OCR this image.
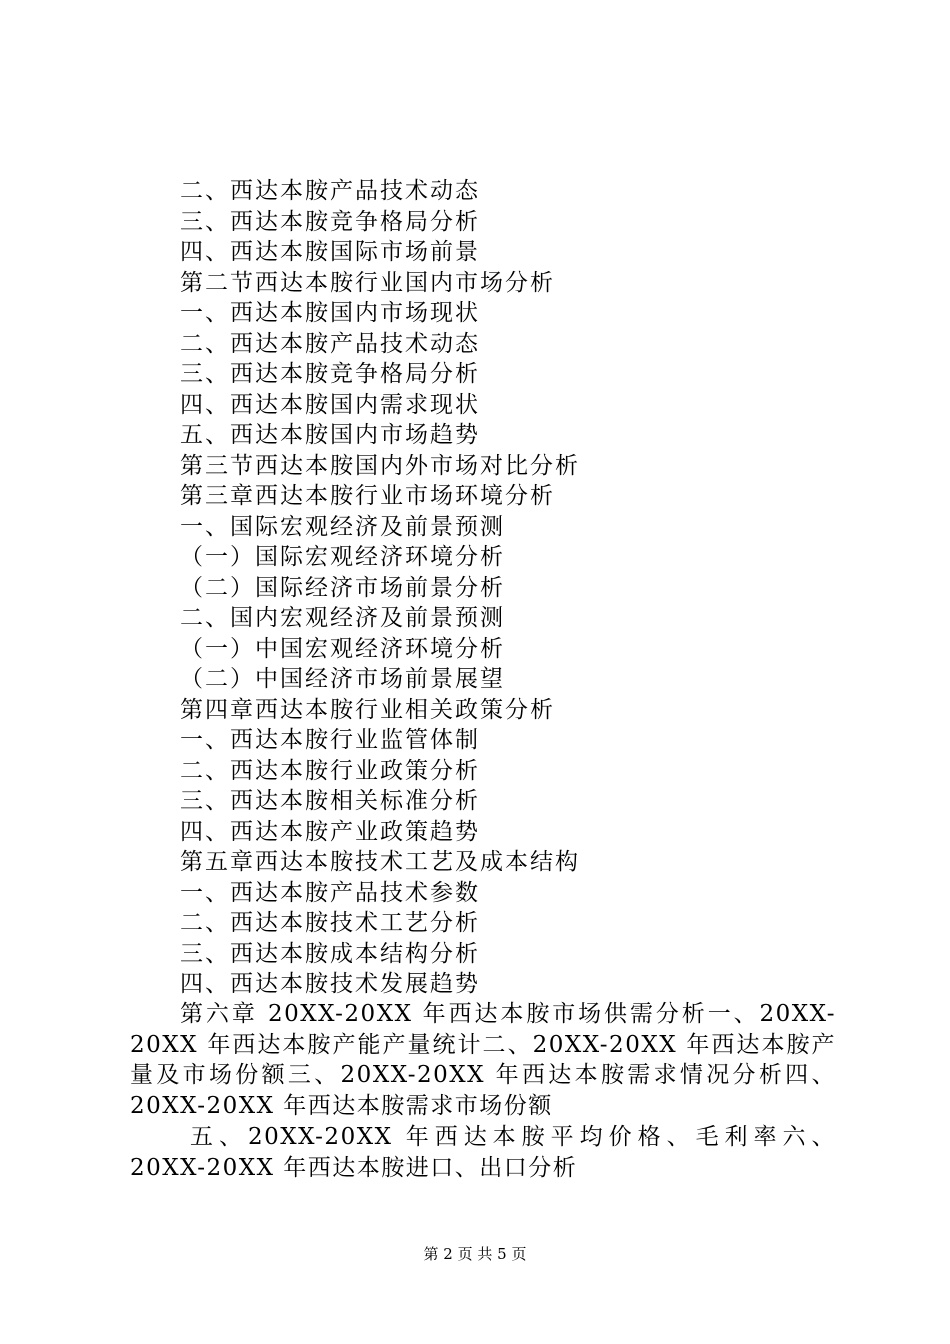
二、西达本胺产品技术动态
三、西达本胺竞争格局分析
四、西达本胺国际市场前景
第二节西达本胺行业国内市场分析
一、西达本胺国内市场现状
二、西达本胺产品技术动态
三、西达本胺竞争格局分析
四、西达本胺国内需求现状
五、西达本胺国内市场趋势
第三节西达本胺国内外市场对比分析
第三章西达本胺行业市场环境分析
一、国际宏观经济及前景预测
（一）国际宏观经济环境分析
（二）国际经济市场前景分析
二、国内宏观经济及前景预测
（一）中国宏观经济环境分析
（二）中国经济市场前景展望
第四章西达本胺行业相关政策分析
一、西达本胺行业监管体制
二、西达本胺行业政策分析
三、西达本胺相关标准分析
四、西达本胺产业政策趋势
第五章西达本胺技术工艺及成本结构
一、西达本胺产品技术参数
二、西达本胺技术工艺分析
三、西达本胺成本结构分析
四、西达本胺技术发展趋势
第六章 20XX-20XX 年西达本胺市场供需分析一、20XX-20XX 年西达本胺产能产量统计二、20XX-20XX 年西达本胺产量及市场份额三、20XX-20XX 年西达本胺需求情况分析四、20XX-20XX 年西达本胺需求市场份额
五、20XX-20XX 年西达本胺平均价格、毛利率六、20XX-20XX 年西达本胺进口、出口分析
第 2 页 共 5 页
